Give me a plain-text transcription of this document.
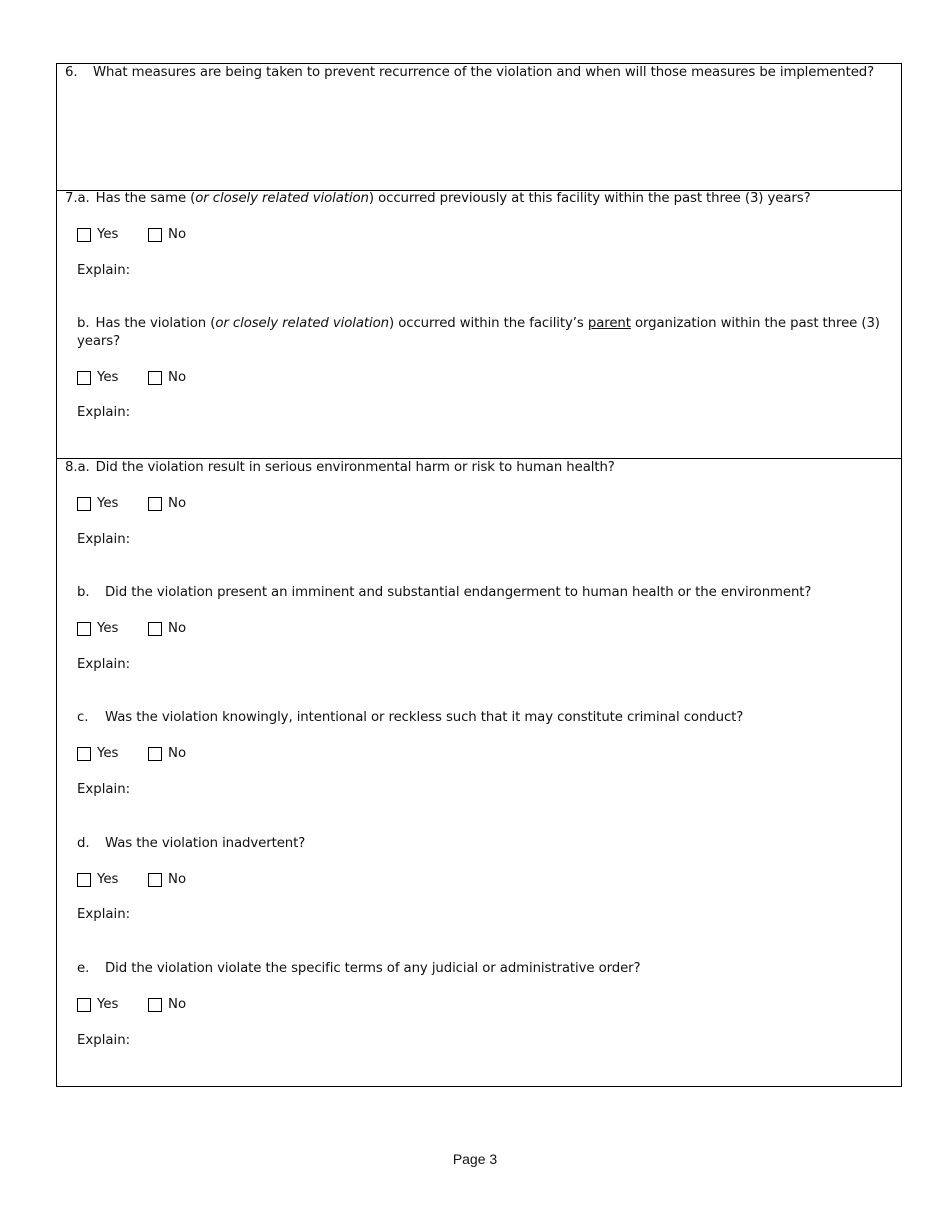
6. What measures are being taken to prevent recurrence of the violation and when will those measures be implemented?
7.a. Has the same (or closely related violation) occurred previously at this facility within the past three (3) years?
Yes	No
Explain:
b. Has the violation (or closely related violation) occurred within the facility’s parent organization within the past three (3) years?
Yes	No
Explain:
8.a. Did the violation result in serious environmental harm or risk to human health?
Yes	No
Explain:
b. Did the violation present an imminent and substantial endangerment to human health or the environment?
Yes	No
Explain:
c. Was the violation knowingly, intentional or reckless such that it may constitute criminal conduct?
Yes	No
Explain:
d. Was the violation inadvertent?
Yes	No
Explain:
e. Did the violation violate the specific terms of any judicial or administrative order?
Yes	No
Explain:
Page 3
